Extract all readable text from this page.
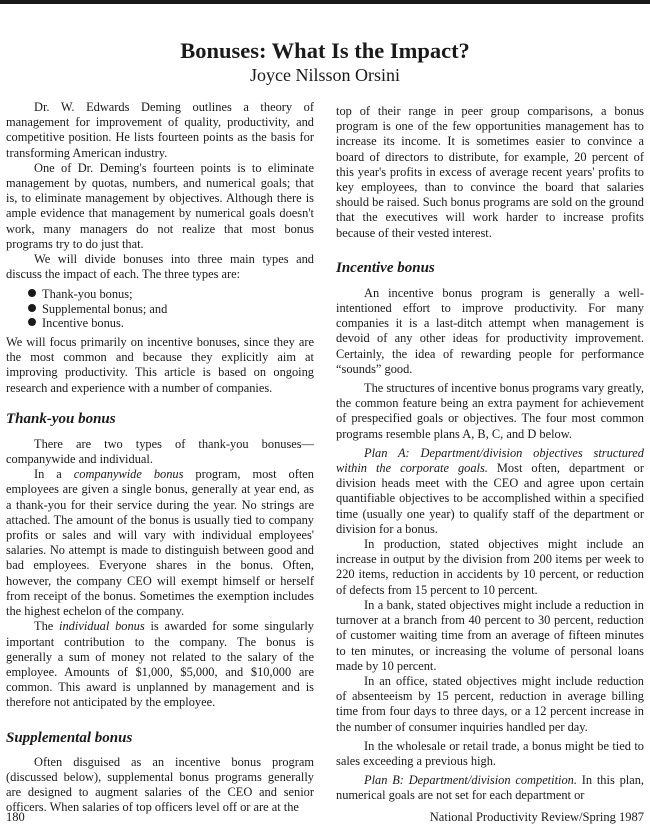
Bonuses: What Is the Impact?
Joyce Nilsson Orsini

Dr. W. Edwards Deming outlines a theory of management for improvement of quality, productivity, and competitive position. He lists fourteen points as the basis for transforming American industry.

One of Dr. Deming's fourteen points is to eliminate management by quotas, numbers, and numerical goals; that is, to eliminate management by objectives. Although there is ample evidence that management by numerical goals doesn't work, many managers do not realize that most bonus programs try to do just that.

We will divide bonuses into three main types and discuss the impact of each. The three types are:

Thank-you bonus;
Supplemental bonus; and
Incentive bonus.

We will focus primarily on incentive bonuses, since they are the most common and because they explicitly aim at improving productivity. This article is based on ongoing research and experience with a number of companies.

Thank-you bonus

There are two types of thank-you bonuses—companywide and individual.

In a companywide bonus program, most often employees are given a single bonus, generally at year end, as a thank-you for their service during the year. No strings are attached. The amount of the bonus is usually tied to company profits or sales and will vary with individual employees' salaries. No attempt is made to distinguish between good and bad employees. Everyone shares in the bonus. Often, however, the company CEO will exempt himself or herself from receipt of the bonus. Sometimes the exemption includes the highest echelon of the company.

The individual bonus is awarded for some singularly important contribution to the company. The bonus is generally a sum of money not related to the salary of the employee. Amounts of $1,000, $5,000, and $10,000 are common. This award is unplanned by management and is therefore not anticipated by the employee.

Supplemental bonus

Often disguised as an incentive bonus program (discussed below), supplemental bonus programs generally are designed to augment salaries of the CEO and senior officers. When salaries of top officers level off or are at the

top of their range in peer group comparisons, a bonus program is one of the few opportunities management has to increase its income. It is sometimes easier to convince a board of directors to distribute, for example, 20 percent of this year's profits in excess of average recent years' profits to key employees, than to convince the board that salaries should be raised. Such bonus programs are sold on the ground that the executives will work harder to increase profits because of their vested interest.

Incentive bonus

An incentive bonus program is generally a well-intentioned effort to improve productivity. For many companies it is a last-ditch attempt when management is devoid of any other ideas for productivity improvement. Certainly, the idea of rewarding people for performance “sounds” good.

The structures of incentive bonus programs vary greatly, the common feature being an extra payment for achievement of prespecified goals or objectives. The four most common programs resemble plans A, B, C, and D below.

Plan A: Department/division objectives structured within the corporate goals. Most often, department or division heads meet with the CEO and agree upon certain quantifiable objectives to be accomplished within a specified time (usually one year) to qualify staff of the department or division for a bonus.

In production, stated objectives might include an increase in output by the division from 200 items per week to 220 items, reduction in accidents by 10 percent, or reduction of defects from 15 percent to 10 percent.

In a bank, stated objectives might include a reduction in turnover at a branch from 40 percent to 30 percent, reduction of customer waiting time from an average of fifteen minutes to ten minutes, or increasing the volume of personal loans made by 10 percent.

In an office, stated objectives might include reduction of absenteeism by 15 percent, reduction in average billing time from four days to three days, or a 12 percent increase in the number of consumer inquiries handled per day.

In the wholesale or retail trade, a bonus might be tied to sales exceeding a previous high.

Plan B: Department/division competition. In this plan, numerical goals are not set for each department or

180	National Productivity Review/Spring 1987
